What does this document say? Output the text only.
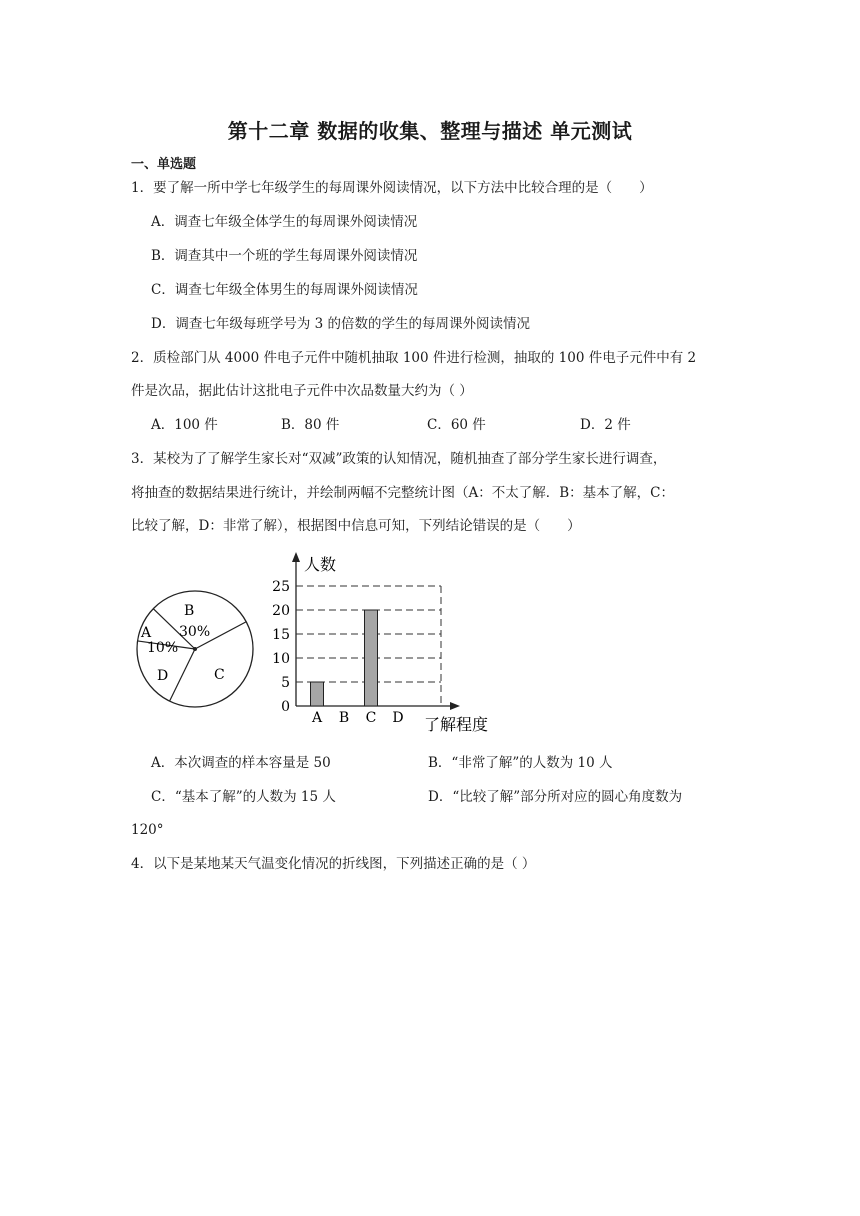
第十二章 数据的收集、整理与描述 单元测试
一、单选题
1．要了解一所中学七年级学生的每周课外阅读情况，以下方法中比较合理的是（　　）
A．调查七年级全体学生的每周课外阅读情况
B．调查其中一个班的学生每周课外阅读情况
C．调查七年级全体男生的每周课外阅读情况
D．调查七年级每班学号为 3 的倍数的学生的每周课外阅读情况
2．质检部门从 4000 件电子元件中随机抽取 100 件进行检测，抽取的 100 件电子元件中有 2
件是次品，据此估计这批电子元件中次品数量大约为（ ）
A．100 件	B．80 件	C．60 件	D．2 件
3．某校为了了解学生家长对“双减”政策的认知情况，随机抽查了部分学生家长进行调查，
将抽查的数据结果进行统计，并绘制两幅不完整统计图（A：不太了解．B：基本了解，C：
比较了解，D：非常了解），根据图中信息可知，下列结论错误的是（　　）
B
30%
A
10%
D	C
人数
了解程度
0
5
10
15
20
25
A B C D
A．本次调查的样本容量是 50	B．“非常了解”的人数为 10 人
C．“基本了解”的人数为 15 人	D．“比较了解”部分所对应的圆心角度数为
120°
4．以下是某地某天气温变化情况的折线图，下列描述正确的是（ ）
